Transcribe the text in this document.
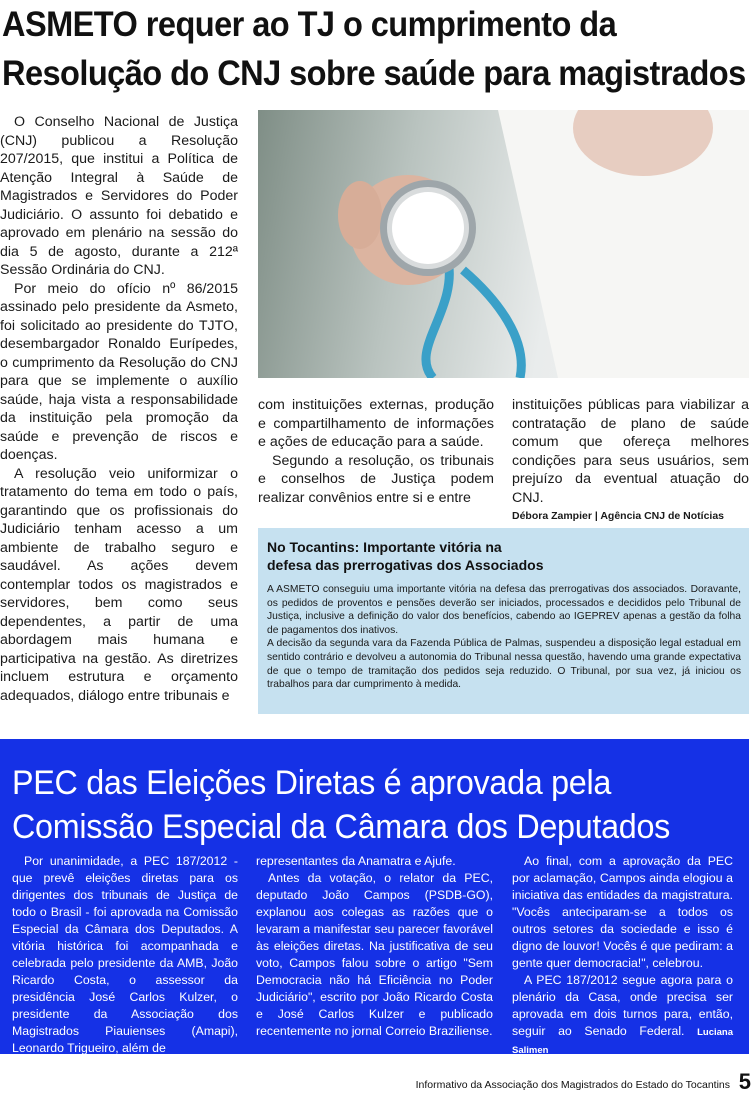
ASMETO requer ao TJ o cumprimento da
Resolução do CNJ sobre saúde para magistrados

O Conselho Nacional de Justiça (CNJ) publicou a Resolução 207/2015, que institui a Política de Atenção Integral à Saúde de Magistrados e Servidores do Poder Judiciário. O assunto foi debatido e aprovado em plenário na sessão do dia 5 de agosto, durante a 212ª Sessão Ordinária do CNJ.

Por meio do ofício nº 86/2015 assinado pelo presidente da Asmeto, foi solicitado ao presidente do TJTO, desembargador Ronaldo Eurípedes, o cumprimento da Resolução do CNJ para que se implemente o auxílio saúde, haja vista a responsabilidade da instituição pela promoção da saúde e prevenção de riscos e doenças.

A resolução veio uniformizar o tratamento do tema em todo o país, garantindo que os profissionais do Judiciário tenham acesso a um ambiente de trabalho seguro e saudável. As ações devem contemplar todos os magistrados e servidores, bem como seus dependentes, a partir de uma abordagem mais humana e participativa na gestão. As diretrizes incluem estrutura e orçamento adequados, diálogo entre tribunais e

com instituições externas, produção e compartilhamento de informações e ações de educação para a saúde.

Segundo a resolução, os tribunais e conselhos de Justiça podem realizar convênios entre si e entre

instituições públicas para viabilizar a contratação de plano de saúde comum que ofereça melhores condições para seus usuários, sem prejuízo da eventual atuação do CNJ.

Débora Zampier | Agência CNJ de Notícias
No Tocantins: Importante vitória na
defesa das prerrogativas dos Associados

A ASMETO conseguiu uma importante vitória na defesa das prerrogativas dos associados. Doravante, os pedidos de proventos e pensões deverão ser iniciados, processados e decididos pelo Tribunal de Justiça, inclusive a definição do valor dos benefícios, cabendo ao IGEPREV apenas a gestão da folha de pagamentos dos inativos.

A decisão da segunda vara da Fazenda Pública de Palmas, suspendeu a disposição legal estadual em sentido contrário e devolveu a autonomia do Tribunal nessa questão, havendo uma grande expectativa de que o tempo de tramitação dos pedidos seja reduzido. O Tribunal, por sua vez, já iniciou os trabalhos para dar cumprimento à medida.

PEC das Eleições Diretas é aprovada pela
Comissão Especial da Câmara dos Deputados

Por unanimidade, a PEC 187/2012 - que prevê eleições diretas para os dirigentes dos tribunais de Justiça de todo o Brasil - foi aprovada na Comissão Especial da Câmara dos Deputados. A vitória histórica foi acompanhada e celebrada pelo presidente da AMB, João Ricardo Costa, o assessor da presidência José Carlos Kulzer, o presidente da Associação dos Magistrados Piauienses (Amapi), Leonardo Trigueiro, além de

representantes da Anamatra e Ajufe.

Antes da votação, o relator da PEC, deputado João Campos (PSDB-GO), explanou aos colegas as razões que o levaram a manifestar seu parecer favorável às eleições diretas. Na justificativa de seu voto, Campos falou sobre o artigo "Sem Democracia não há Eficiência no Poder Judiciário", escrito por João Ricardo Costa e José Carlos Kulzer e publicado recentemente no jornal Correio Braziliense.

Ao final, com a aprovação da PEC por aclamação, Campos ainda elogiou a iniciativa das entidades da magistratura. "Vocês anteciparam-se a todos os outros setores da sociedade e isso é digno de louvor! Vocês é que pediram: a gente quer democracia!", celebrou.

A PEC 187/2012 segue agora para o plenário da Casa, onde precisa ser aprovada em dois turnos para, então, seguir ao Senado Federal. Luciana Salimen

Informativo da Associação dos Magistrados do Estado do Tocantins 5
